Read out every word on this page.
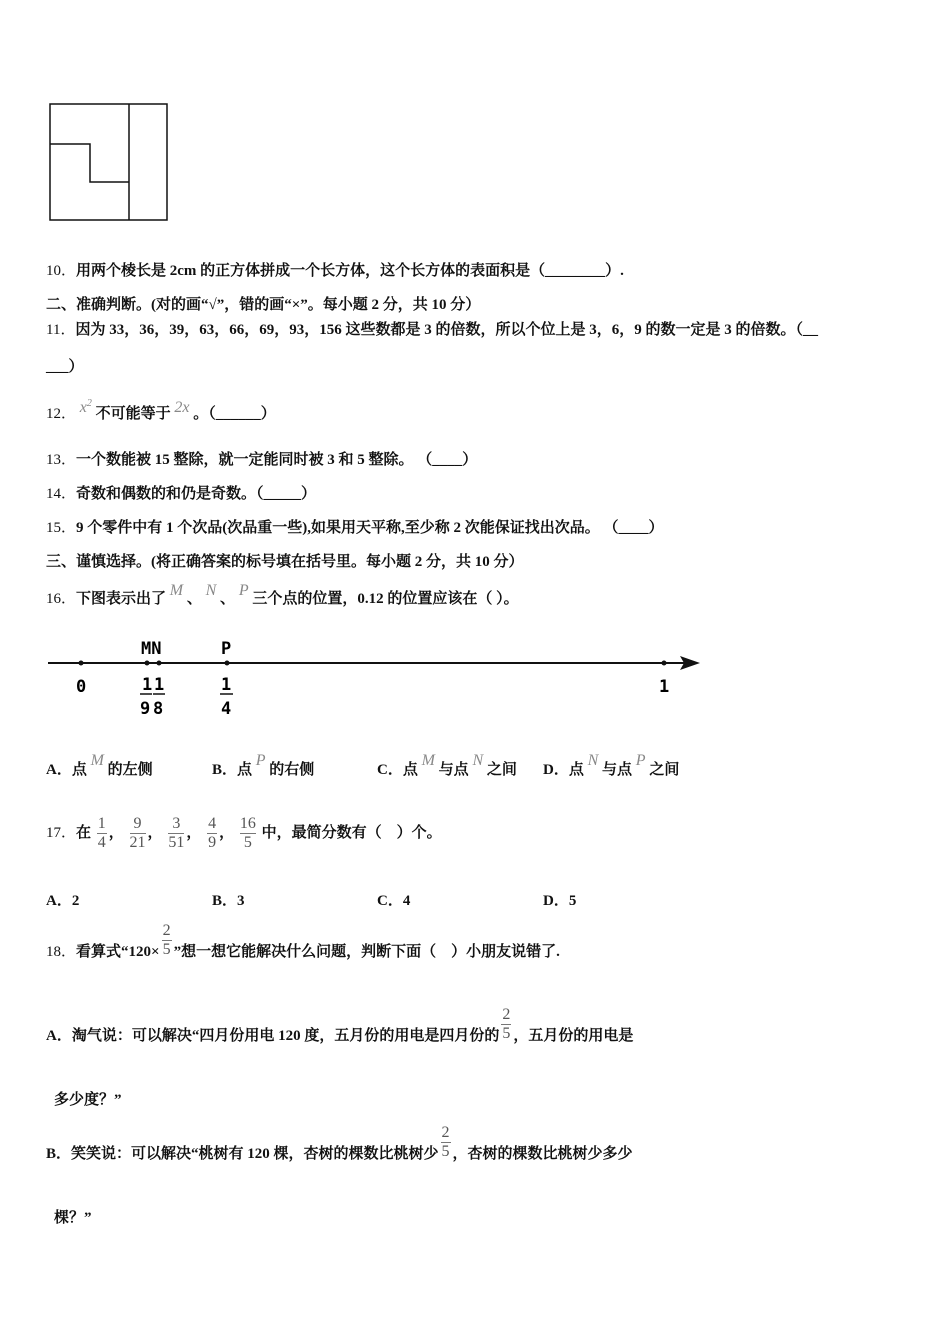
10．用两个棱长是 2cm 的正方体拼成一个长方体，这个长方体的表面积是（________）.
二、准确判断。(对的画“√”，错的画“×”。每小题 2 分，共 10 分）
11．因为 33，36，39，63，66，69，93，156 这些数都是 3 的倍数，所以个位上是 3，6，9 的数一定是 3 的倍数。（__
___）
12． $x^2$ 不可能等于 2x 。（______）
13．一个数能被 15 整除，就一定能同时被 3 和 5 整除。 （____）
14．奇数和偶数的和仍是奇数。（_____）
15．9 个零件中有 1 个次品(次品重一些),如果用天平称,至少称 2 次能保证找出次品。 （____）
三、谨慎选择。(将正确答案的标号填在括号里。每小题 2 分，共 10 分）
16．下图表示出了 M 、 N 、 P 三个点的位置，0.12 的位置应该在（ ）。
MN	P
0	1 1
9 8
1
4
1
A．点 M 的左侧	B．点 P 的右侧	C．点 M 与点 N 之间 D．点 N 与点 P 之间
17．在 $\frac{1}{4}$ ， $\frac{9}{21}$ ， $\frac{3}{51}$ ， $\frac{4}{9}$ ， $\frac{16}{5}$ 中，最简分数有（　）个。
A．2	B．3	C．4	D．5
18．看算式“$120\times \frac{2}{5}$ ”想一想它能解决什么问题，判断下面（　）小朋友说错了.
A．淘气说：可以解决“四月份用电 120 度，五月份的用电是四月份的 $\frac{2}{5}$ ，五月份的用电是
多少度？”
B．笑笑说：可以解决“桃树有 120 棵，杏树的棵数比桃树少 $\frac{2}{5}$ ，杏树的棵数比桃树少多少
棵？”
